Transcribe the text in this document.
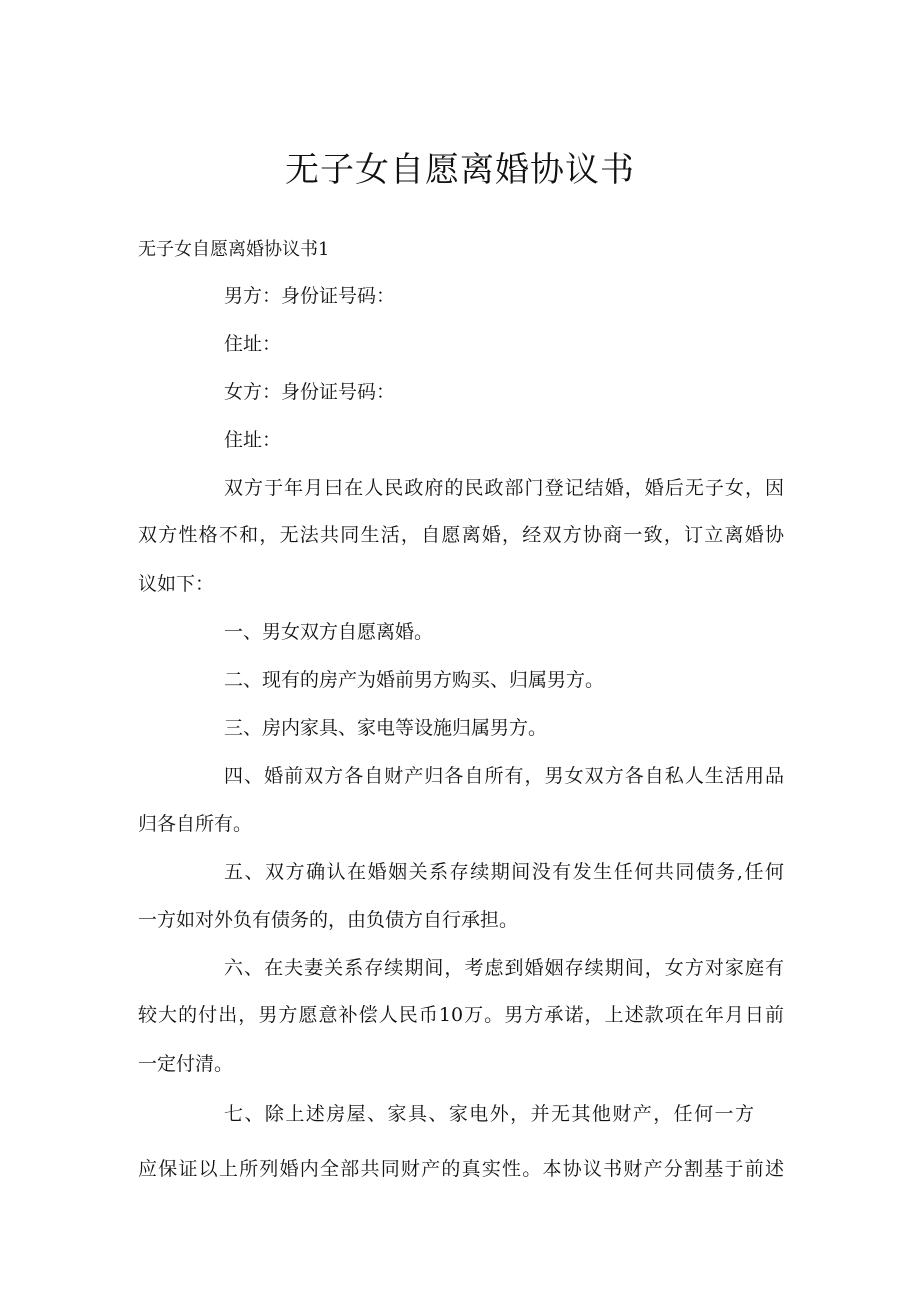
无子女自愿离婚协议书
无子女自愿离婚协议书1
男方：身份证号码：
住址：
女方：身份证号码：
住址：
双方于年月曰在人民政府的民政部门登记结婚，婚后无子女，因
双方性格不和，无法共同生活，自愿离婚，经双方协商一致，订立离婚协
议如下：
一、男女双方自愿离婚。
二、现有的房产为婚前男方购买、归属男方。
三、房内家具、家电等设施归属男方。
四、婚前双方各自财产归各自所有，男女双方各自私人生活用品
归各自所有。
五、双方确认在婚姻关系存续期间没有发生任何共同债务,任何
一方如对外负有债务的，由负债方自行承担。
六、在夫妻关系存续期间，考虑到婚姻存续期间，女方对家庭有
较大的付出，男方愿意补偿人民币10万。男方承诺，上述款项在年月日前
一定付清。
七、除上述房屋、家具、家电外，并无其他财产，任何一方
应保证以上所列婚内全部共同财产的真实性。本协议书财产分割基于前述
